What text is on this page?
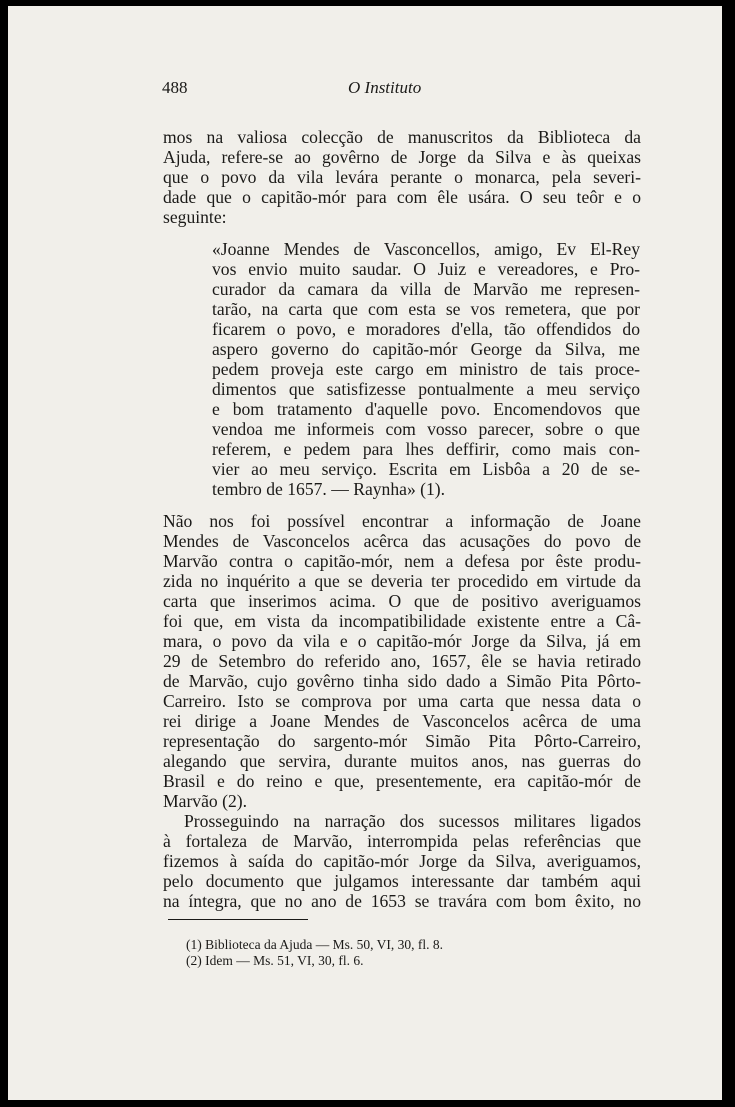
488	O Instituto
mos na valiosa colecção de manuscritos da Biblioteca da
Ajuda, refere-se ao govêrno de Jorge da Silva e às queixas
que o povo da vila levára perante o monarca, pela severi-
dade que o capitão-mór para com êle usára. O seu teôr e o
seguinte:
«Joanne Mendes de Vasconcellos, amigo, Ev El-Rey
vos envio muito saudar. O Juiz e vereadores, e Pro-
curador da camara da villa de Marvão me represen-
tarão, na carta que com esta se vos remetera, que por
ficarem o povo, e moradores d'ella, tão offendidos do
aspero governo do capitão-mór George da Silva, me
pedem proveja este cargo em ministro de tais proce-
dimentos que satisfizesse pontualmente a meu serviço
e bom tratamento d'aquelle povo. Encomendovos que
vendoa me informeis com vosso parecer, sobre o que
referem, e pedem para lhes deffirir, como mais con-
vier ao meu serviço. Escrita em Lisbôa a 20 de se-
tembro de 1657. — Raynha» (1).
Não nos foi possível encontrar a informação de Joane
Mendes de Vasconcelos acêrca das acusações do povo de
Marvão contra o capitão-mór, nem a defesa por êste produ-
zida no inquérito a que se deveria ter procedido em virtude da
carta que inserimos acima. O que de positivo averiguamos
foi que, em vista da incompatibilidade existente entre a Câ-
mara, o povo da vila e o capitão-mór Jorge da Silva, já em
29 de Setembro do referido ano, 1657, êle se havia retirado
de Marvão, cujo govêrno tinha sido dado a Simão Pita Pôrto-
Carreiro. Isto se comprova por uma carta que nessa data o
rei dirige a Joane Mendes de Vasconcelos acêrca de uma
representação do sargento-mór Simão Pita Pôrto-Carreiro,
alegando que servira, durante muitos anos, nas guerras do
Brasil e do reino e que, presentemente, era capitão-mór de
Marvão (2).
Prosseguindo na narração dos sucessos militares ligados
à fortaleza de Marvão, interrompida pelas referências que
fizemos à saída do capitão-mór Jorge da Silva, averiguamos,
pelo documento que julgamos interessante dar também aqui
na íntegra, que no ano de 1653 se travára com bom êxito, no
(1) Biblioteca da Ajuda — Ms. 50, VI, 30, fl. 8.
(2) Idem — Ms. 51, VI, 30, fl. 6.
